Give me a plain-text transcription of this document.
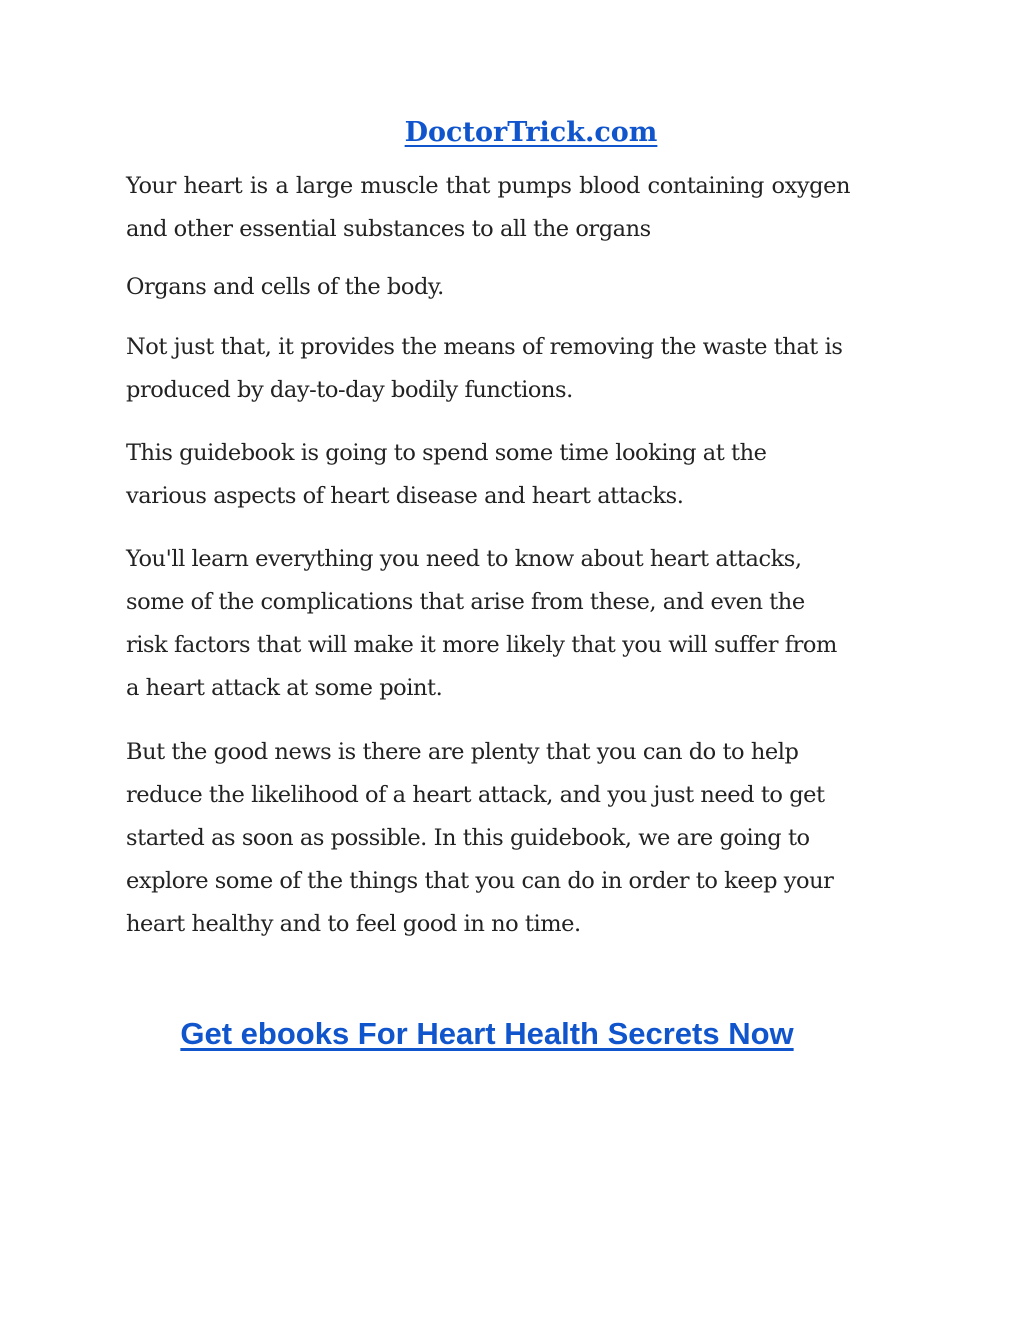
DoctorTrick.com

Your heart is a large muscle that pumps blood containing oxygen and other essential substances to all the organs

Organs and cells of the body.

Not just that, it provides the means of removing the waste that is produced by day-to-day bodily functions.

This guidebook is going to spend some time looking at the various aspects of heart disease and heart attacks.

You'll learn everything you need to know about heart attacks, some of the complications that arise from these, and even the risk factors that will make it more likely that you will suffer from a heart attack at some point.

But the good news is there are plenty that you can do to help reduce the likelihood of a heart attack, and you just need to get started as soon as possible. In this guidebook, we are going to explore some of the things that you can do in order to keep your heart healthy and to feel good in no time.

Get ebooks For Heart Health Secrets Now
